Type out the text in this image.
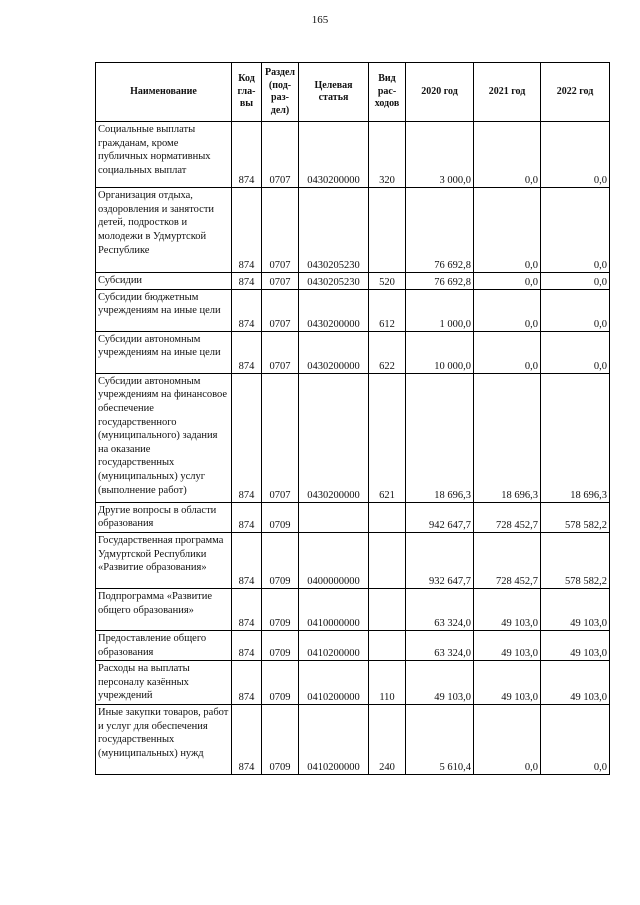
165
Наименование	Код
гла-
вы	Раздел
(под-
раз-
дел)	Целевая
статья	Вид
рас-
ходов	2020 год	2021 год	2022 год
Социальные выплаты гражданам, кроме публичных нормативных социальных выплат	874	0707	0430200000	320	3 000,0	0,0	0,0
Организация отдыха, оздоровления и занятости детей, подростков и молодежи в Удмуртской Республике	874	0707	0430205230		76 692,8	0,0	0,0
Субсидии	874	0707	0430205230	520	76 692,8	0,0	0,0
Субсидии бюджетным учреждениям на иные цели	874	0707	0430200000	612	1 000,0	0,0	0,0
Субсидии автономным учреждениям на иные цели	874	0707	0430200000	622	10 000,0	0,0	0,0
Субсидии автономным учреждениям на финансовое обеспечение государственного (муниципального) задания на оказание государственных (муниципальных) услуг (выполнение работ)	874	0707	0430200000	621	18 696,3	18 696,3	18 696,3
Другие вопросы в области образования	874	0709			942 647,7	728 452,7	578 582,2
Государственная программа Удмуртской Республики «Развитие образования»	874	0709	0400000000		932 647,7	728 452,7	578 582,2
Подпрограмма «Развитие общего образования»	874	0709	0410000000		63 324,0	49 103,0	49 103,0
Предоставление общего образования	874	0709	0410200000		63 324,0	49 103,0	49 103,0
Расходы на выплаты персоналу казённых учреждений	874	0709	0410200000	110	49 103,0	49 103,0	49 103,0
Иные закупки товаров, работ и услуг для обеспечения государственных (муниципальных) нужд	874	0709	0410200000	240	5 610,4	0,0	0,0
